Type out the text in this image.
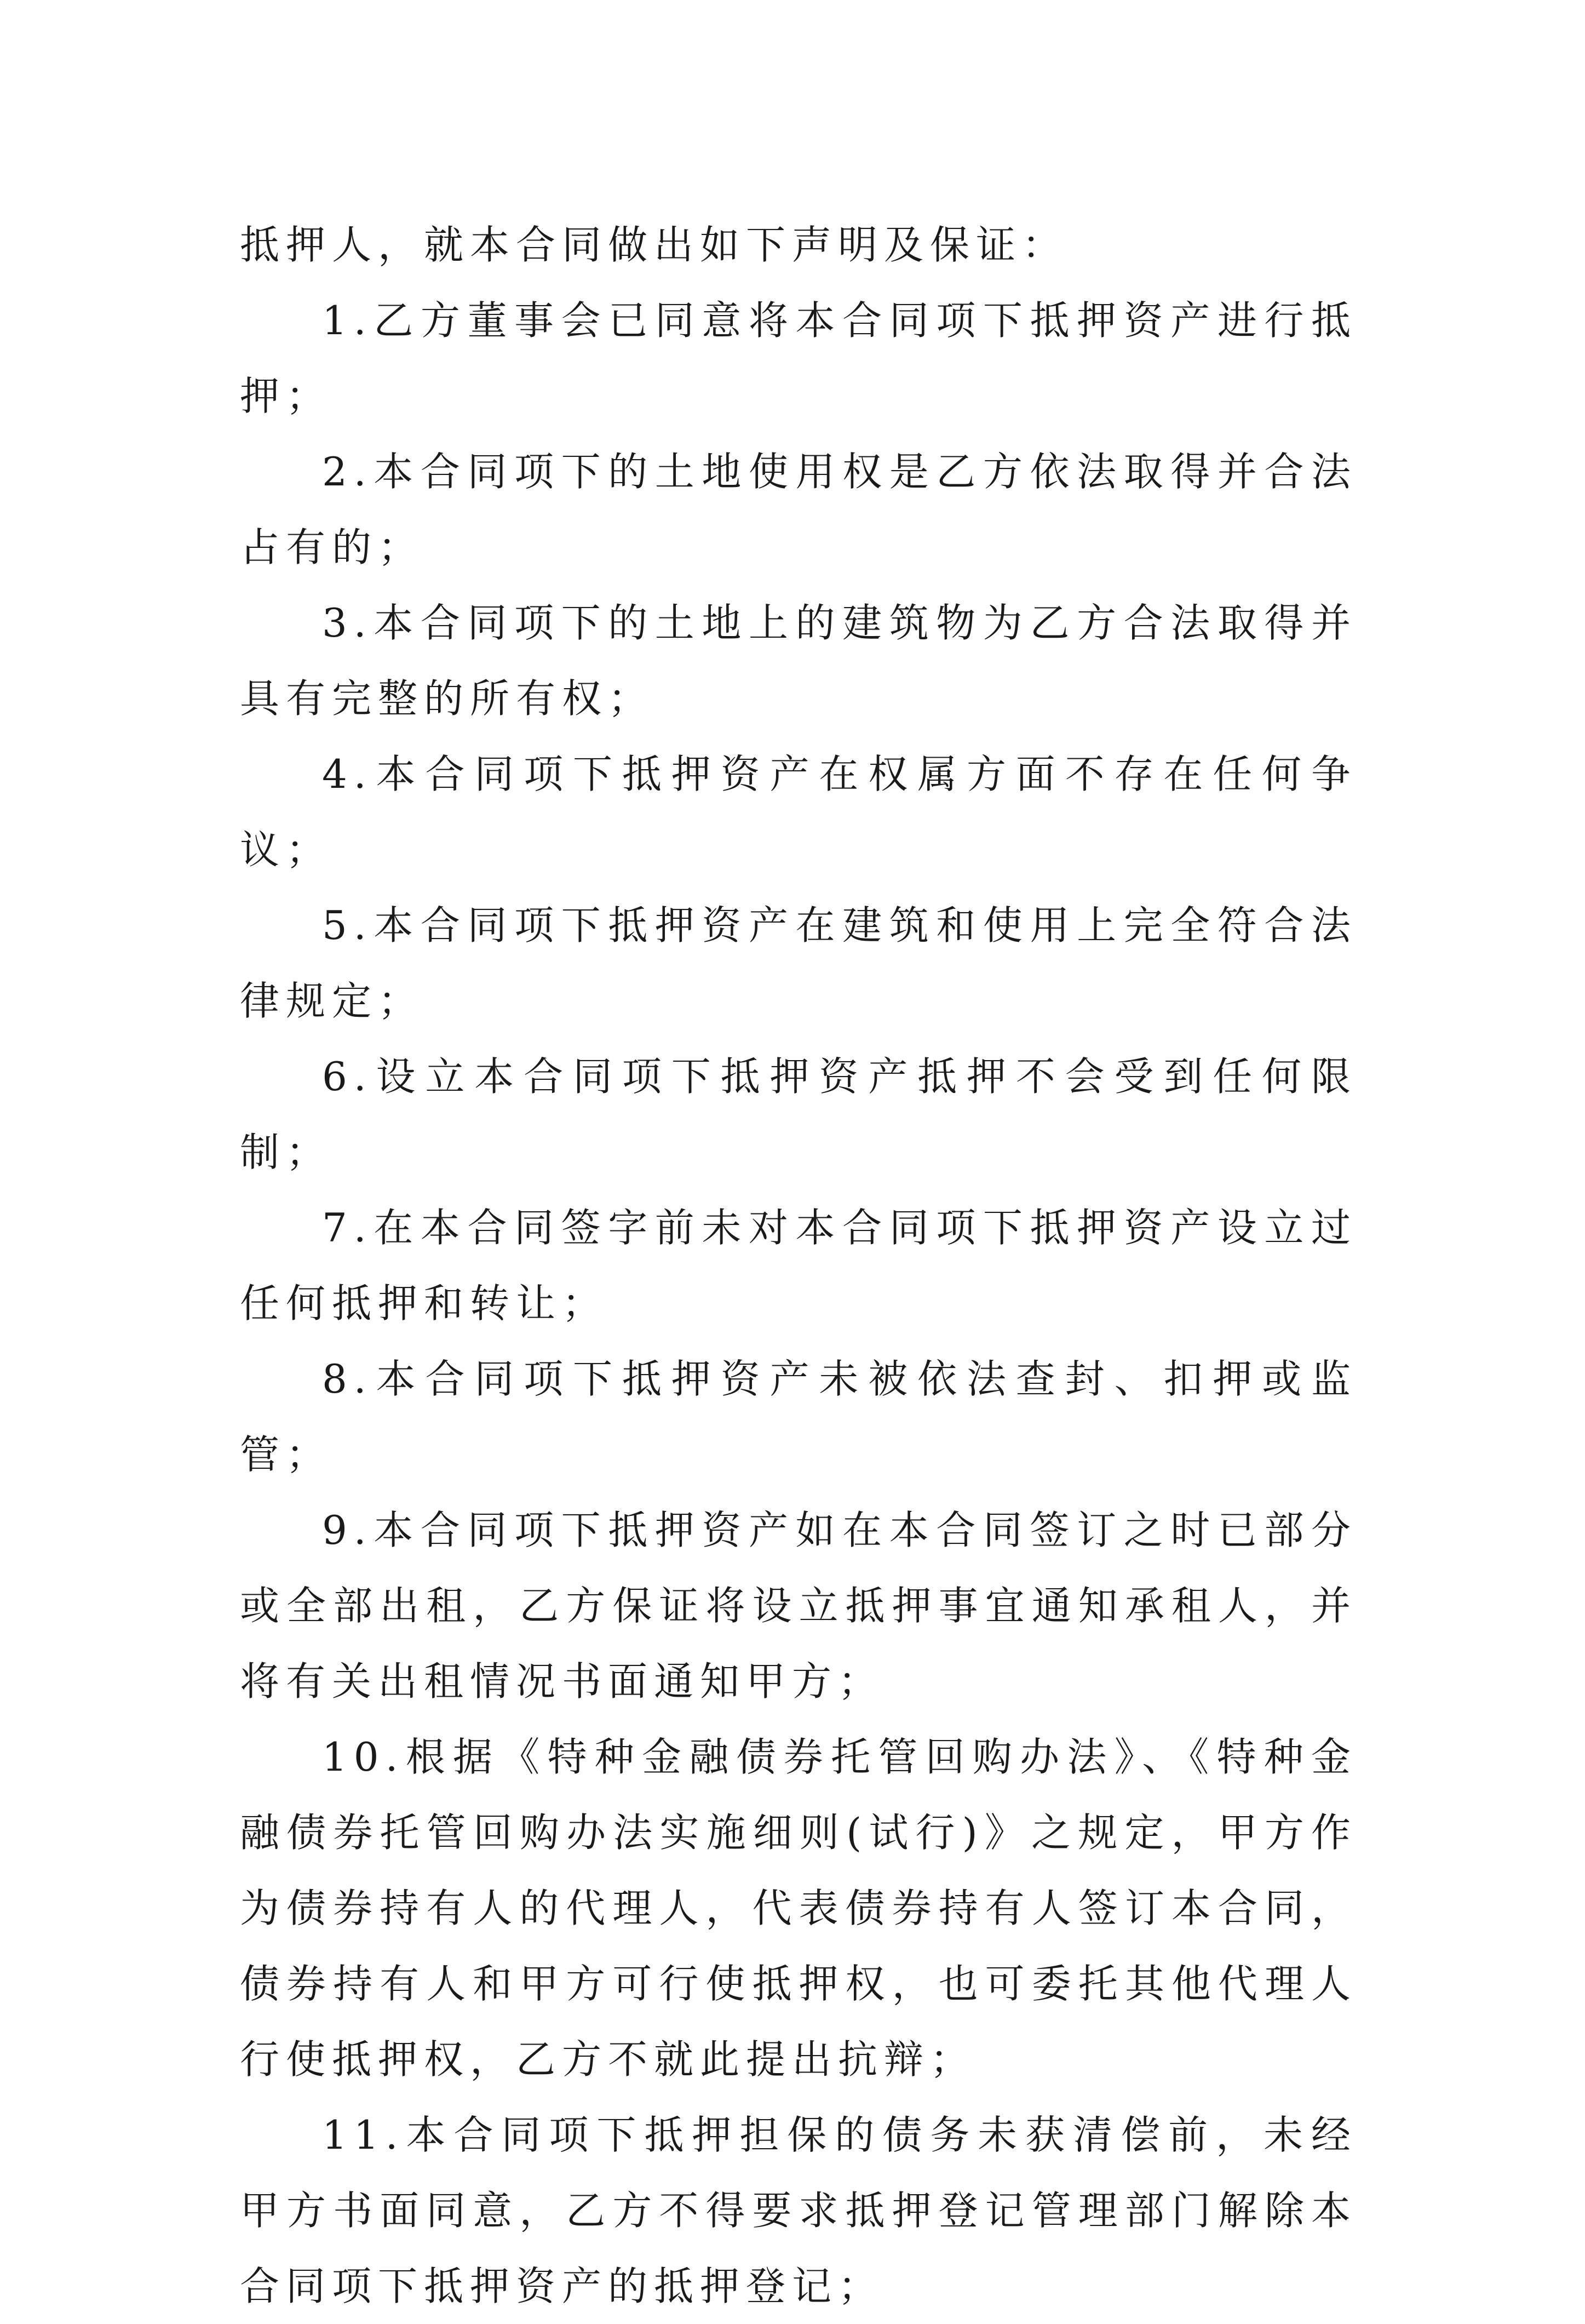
抵押人，就本合同做出如下声明及保证：

1.乙方董事会已同意将本合同项下抵押资产进行抵押；

2.本合同项下的土地使用权是乙方依法取得并合法占有的；

3.本合同项下的土地上的建筑物为乙方合法取得并具有完整的所有权；

4.本合同项下抵押资产在权属方面不存在任何争议；

5.本合同项下抵押资产在建筑和使用上完全符合法律规定；

6.设立本合同项下抵押资产抵押不会受到任何限制；

7.在本合同签字前未对本合同项下抵押资产设立过任何抵押和转让；

8.本合同项下抵押资产未被依法查封、扣押或监管；

9.本合同项下抵押资产如在本合同签订之时已部分或全部出租，乙方保证将设立抵押事宜通知承租人，并将有关出租情况书面通知甲方；

10.根据《特种金融债券托管回购办法》、《特种金融债券托管回购办法实施细则(试行)》之规定，甲方作为债券持有人的代理人，代表债券持有人签订本合同，债券持有人和甲方可行使抵押权，也可委托其他代理人行使抵押权，乙方不就此提出抗辩；

11.本合同项下抵押担保的债务未获清偿前，未经甲方书面同意，乙方不得要求抵押登记管理部门解除本合同项下抵押资产的抵押登记；
